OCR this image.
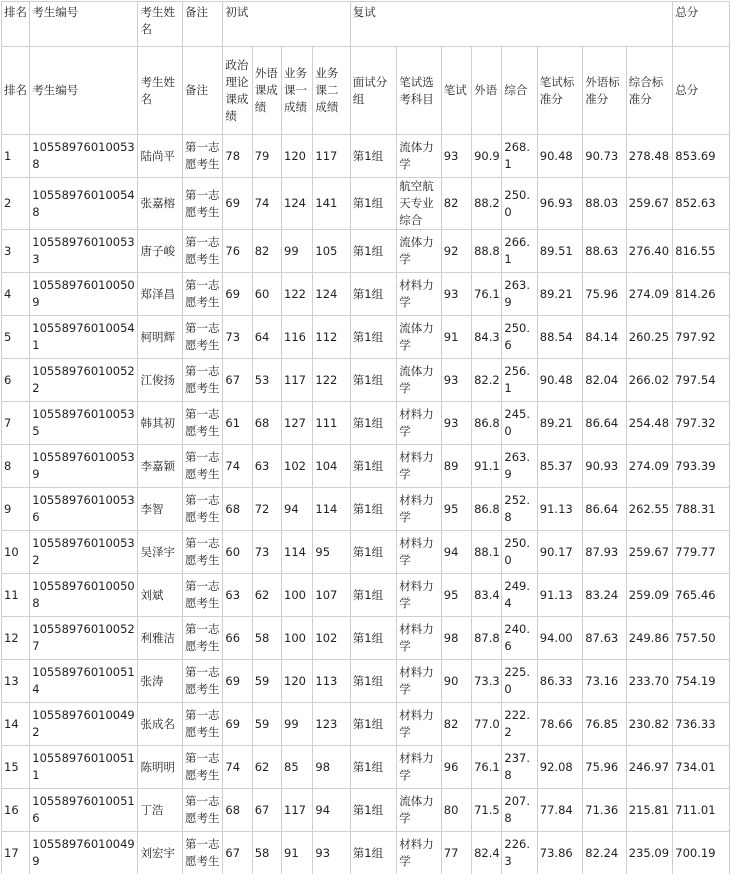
排名	考生编号	考生姓名	备注	初试				复试								总分
排名	考生编号	考生姓名	备注	政治理论课成绩	外语课成绩	业务课一成绩	业务课二成绩	面试分组	笔试选考科目	笔试	外语	综合	笔试标准分	外语标准分	综合标准分	总分
1	105589760100538	陆尚平	第一志愿考生	78	79	120	117	第1组	流体力学	93	90.9	268.1	90.48	90.73	278.48	853.69
2	105589760100548	张嘉榕	第一志愿考生	69	74	124	141	第1组	航空航天专业综合	82	88.2	250.0	96.93	88.03	259.67	852.63
3	105589760100533	唐子峻	第一志愿考生	76	82	99	105	第1组	流体力学	92	88.8	266.1	89.51	88.63	276.40	816.55
4	105589760100509	郑泽昌	第一志愿考生	69	60	122	124	第1组	材料力学	93	76.1	263.9	89.21	75.96	274.09	814.26
5	105589760100541	柯明辉	第一志愿考生	73	64	116	112	第1组	流体力学	91	84.3	250.6	88.54	84.14	260.25	797.92
6	105589760100522	江俊扬	第一志愿考生	67	53	117	122	第1组	流体力学	93	82.2	256.1	90.48	82.04	266.02	797.54
7	105589760100535	韩其初	第一志愿考生	61	68	127	111	第1组	材料力学	93	86.8	245.0	89.21	86.64	254.48	797.32
8	105589760100539	李嘉颖	第一志愿考生	74	63	102	104	第1组	材料力学	89	91.1	263.9	85.37	90.93	274.09	793.39
9	105589760100536	李智	第一志愿考生	68	72	94	114	第1组	材料力学	95	86.8	252.8	91.13	86.64	262.55	788.31
10	105589760100532	吴泽宇	第一志愿考生	60	73	114	95	第1组	材料力学	94	88.1	250.0	90.17	87.93	259.67	779.77
11	105589760100508	刘斌	第一志愿考生	63	62	100	107	第1组	材料力学	95	83.4	249.4	91.13	83.24	259.09	765.46
12	105589760100527	利雅洁	第一志愿考生	66	58	100	102	第1组	材料力学	98	87.8	240.6	94.00	87.63	249.86	757.50
13	105589760100514	张涛	第一志愿考生	69	59	120	113	第1组	材料力学	90	73.3	225.0	86.33	73.16	233.70	754.19
14	105589760100492	张成名	第一志愿考生	69	59	99	123	第1组	材料力学	82	77.0	222.2	78.66	76.85	230.82	736.33
15	105589760100511	陈明明	第一志愿考生	74	62	85	98	第1组	材料力学	96	76.1	237.8	92.08	75.96	246.97	734.01
16	105589760100516	丁浩	第一志愿考生	68	67	117	94	第1组	流体力学	80	71.5	207.8	77.84	71.36	215.81	711.01
17	105589760100499	刘宏宇	第一志愿考生	67	58	91	93	第1组	材料力学	77	82.4	226.3	73.86	82.24	235.09	700.19
